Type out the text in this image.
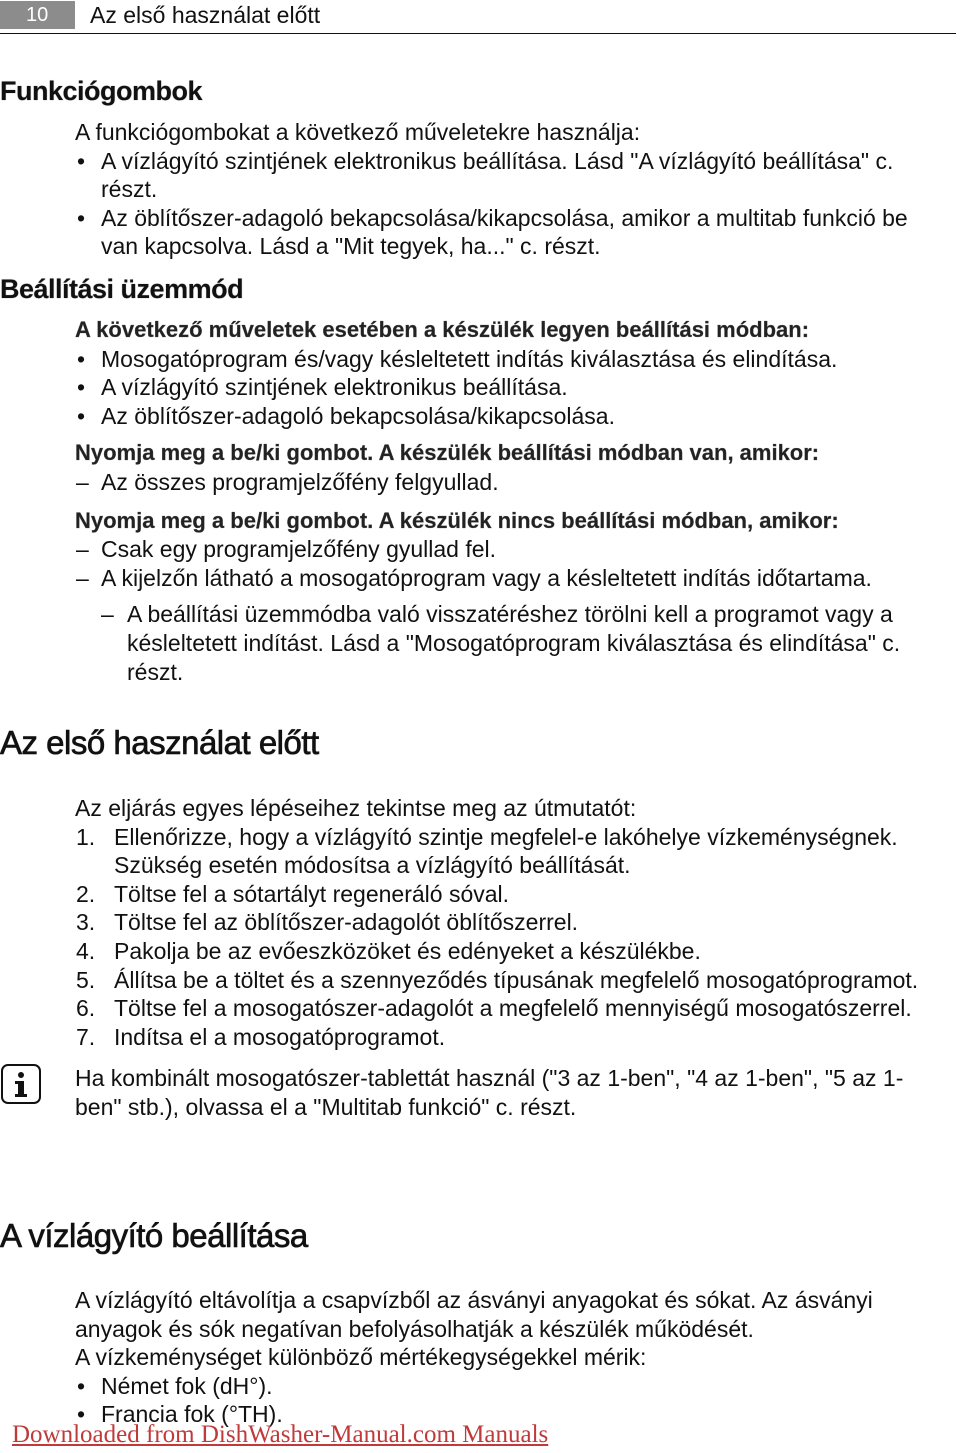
10	Az első használat előtt
Funkciógombok

A funkciógombokat a következő műveletekre használja:

• A vízlágyító szintjének elektronikus beállítása. Lásd "A vízlágyító beállítása" c. részt.
• Az öblítőszer-adagoló bekapcsolása/kikapcsolása, amikor a multitab funkció be van kapcsolva. Lásd a "Mit tegyek, ha..." c. részt.
Beállítási üzemmód

A következő műveletek esetében a készülék legyen beállítási módban:

• Mosogatóprogram és/vagy késleltetett indítás kiválasztása és elindítása.
• A vízlágyító szintjének elektronikus beállítása.
• Az öblítőszer-adagoló bekapcsolása/kikapcsolása.

Nyomja meg a be/ki gombot. A készülék beállítási módban van, amikor:

– Az összes programjelzőfény felgyullad.

Nyomja meg a be/ki gombot. A készülék nincs beállítási módban, amikor:

– Csak egy programjelzőfény gyullad fel.
– A kijelzőn látható a mosogatóprogram vagy a késleltetett indítás időtartama.
– A beállítási üzemmódba való visszatéréshez törölni kell a programot vagy a késleltetett indítást. Lásd a "Mosogatóprogram kiválasztása és elindítása" c. részt.
Az első használat előtt

Az eljárás egyes lépéseihez tekintse meg az útmutatót:

1. Ellenőrizze, hogy a vízlágyító szintje megfelel-e lakóhelye vízkeménységnek. Szükség esetén módosítsa a vízlágyító beállítását.
2. Töltse fel a sótartályt regeneráló sóval.
3. Töltse fel az öblítőszer-adagolót öblítőszerrel.
4. Pakolja be az evőeszközöket és edényeket a készülékbe.
5. Állítsa be a töltet és a szennyeződés típusának megfelelő mosogatóprogramot.
6. Töltse fel a mosogatószer-adagolót a megfelelő mennyiségű mosogatószerrel.
7. Indítsa el a mosogatóprogramot.

Ha kombinált mosogatószer-tablettát használ ("3 az 1-ben", "4 az 1-ben", "5 az 1-ben" stb.), olvassa el a "Multitab funkció" c. részt.

A vízlágyító beállítása

A vízlágyító eltávolítja a csapvízből az ásványi anyagokat és sókat. Az ásványi anyagok és sók negatívan befolyásolhatják a készülék működését.

A vízkeménységet különböző mértékegységekkel mérik:

• Német fok (dH°).
• Francia fok (°TH).
Downloaded from DishWasher-Manual.com Manuals
